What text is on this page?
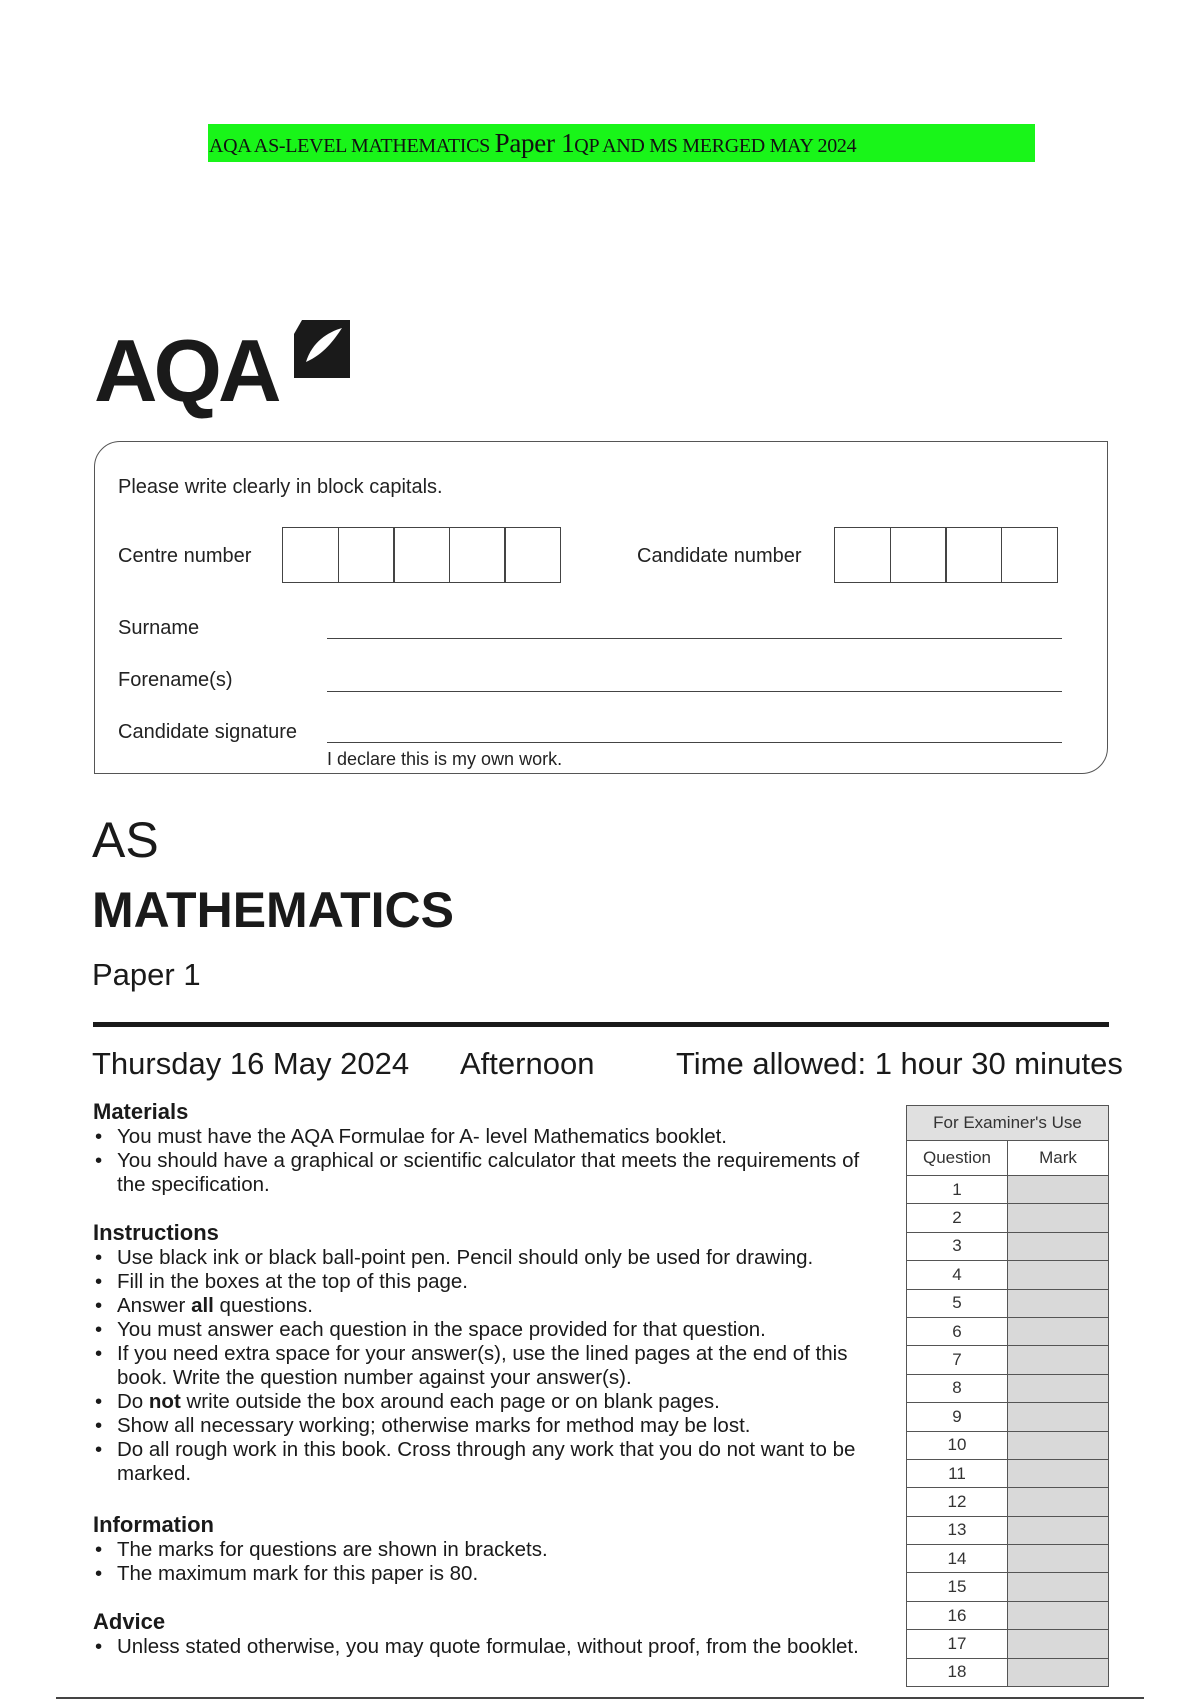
AQA AS-LEVEL MATHEMATICS Paper 1QP AND MS MERGED MAY 2024
AQA
Please write clearly in block capitals.
Centre number	Candidate number
Surname
Forename(s)
Candidate signature
I declare this is my own work.
AS
MATHEMATICS
Paper 1
Thursday 16 May 2024 Afternoon	Time allowed: 1 hour 30 minutes
Materials
• You must have the AQA Formulae for A- level Mathematics booklet.
• You should have a graphical or scientific calculator that meets the requirements of the specification.
Instructions
• Use black ink or black ball-point pen. Pencil should only be used for drawing.
• Fill in the boxes at the top of this page.
• Answer all questions.
• You must answer each question in the space provided for that question.
• If you need extra space for your answer(s), use the lined pages at the end of this book. Write the question number against your answer(s).
• Do not write outside the box around each page or on blank pages.
• Show all necessary working; otherwise marks for method may be lost.
• Do all rough work in this book. Cross through any work that you do not want to be marked.
Information
• The marks for questions are shown in brackets.
• The maximum mark for this paper is 80.
Advice
• Unless stated otherwise, you may quote formulae, without proof, from the booklet.
For Examiner's Use	
Question	Mark
1	
2	
3	
4	
5	
6	
7	
8	
9	
10	
11	
12	
13	
14	
15	
16	
17	
18	
